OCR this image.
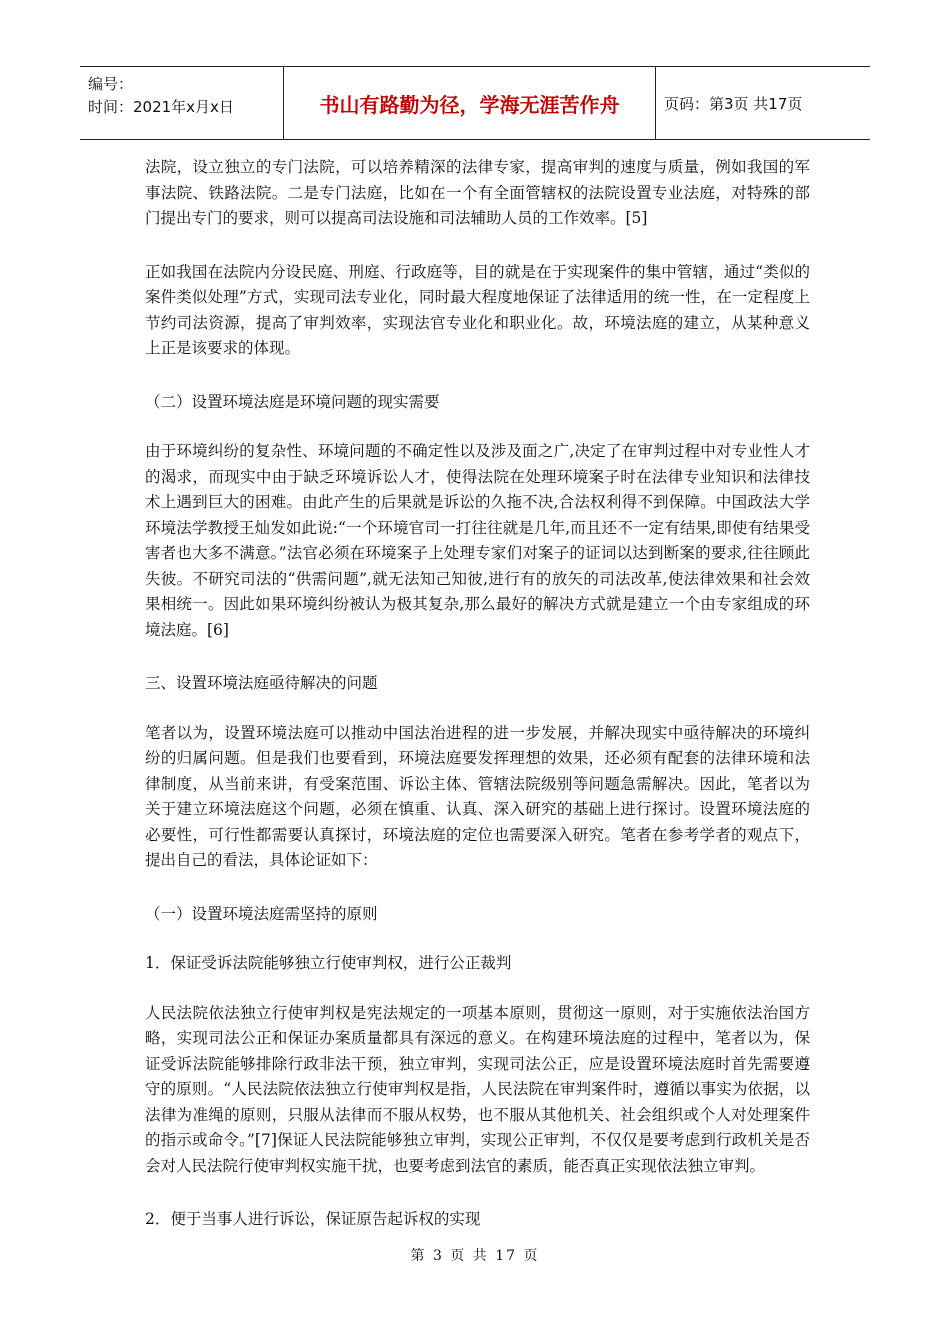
编号：
时间：2021年x月x日	书山有路勤为径，学海无涯苦作舟	页码：第3页 共17页

法院，设立独立的专门法院，可以培养精深的法律专家，提高审判的速度与质量，例如我国的军事法院、铁路法院。二是专门法庭，比如在一个有全面管辖权的法院设置专业法庭，对特殊的部门提出专门的要求，则可以提高司法设施和司法辅助人员的工作效率。[5]

正如我国在法院内分设民庭、刑庭、行政庭等，目的就是在于实现案件的集中管辖，通过“类似的案件类似处理”方式，实现司法专业化，同时最大程度地保证了法律适用的统一性，在一定程度上节约司法资源，提高了审判效率，实现法官专业化和职业化。故，环境法庭的建立，从某种意义上正是该要求的体现。

（二）设置环境法庭是环境问题的现实需要

由于环境纠纷的复杂性、环境问题的不确定性以及涉及面之广,决定了在审判过程中对专业性人才的渴求，而现实中由于缺乏环境诉讼人才，使得法院在处理环境案子时在法律专业知识和法律技术上遇到巨大的困难。由此产生的后果就是诉讼的久拖不决,合法权利得不到保障。中国政法大学环境法学教授王灿发如此说:“一个环境官司一打往往就是几年,而且还不一定有结果,即使有结果受害者也大多不满意。”法官必须在环境案子上处理专家们对案子的证词以达到断案的要求,往往顾此失彼。不研究司法的“供需问题”,就无法知己知彼,进行有的放矢的司法改革,使法律效果和社会效果相统一。因此如果环境纠纷被认为极其复杂,那么最好的解决方式就是建立一个由专家组成的环境法庭。[6]

三、设置环境法庭亟待解决的问题

笔者以为，设置环境法庭可以推动中国法治进程的进一步发展，并解决现实中亟待解决的环境纠纷的归属问题。但是我们也要看到，环境法庭要发挥理想的效果，还必须有配套的法律环境和法律制度，从当前来讲，有受案范围、诉讼主体、管辖法院级别等问题急需解决。因此，笔者以为关于建立环境法庭这个问题，必须在慎重、认真、深入研究的基础上进行探讨。设置环境法庭的必要性，可行性都需要认真探讨，环境法庭的定位也需要深入研究。笔者在参考学者的观点下，提出自己的看法，具体论证如下：

（一）设置环境法庭需坚持的原则

1．保证受诉法院能够独立行使审判权，进行公正裁判

人民法院依法独立行使审判权是宪法规定的一项基本原则，贯彻这一原则，对于实施依法治国方略，实现司法公正和保证办案质量都具有深远的意义。在构建环境法庭的过程中，笔者以为，保证受诉法院能够排除行政非法干预，独立审判，实现司法公正，应是设置环境法庭时首先需要遵守的原则。“人民法院依法独立行使审判权是指，人民法院在审判案件时，遵循以事实为依据，以法律为准绳的原则，只服从法律而不服从权势，也不服从其他机关、社会组织或个人对处理案件的指示或命令。”[7]保证人民法院能够独立审判，实现公正审判，不仅仅是要考虑到行政机关是否会对人民法院行使审判权实施干扰，也要考虑到法官的素质，能否真正实现依法独立审判。

2．便于当事人进行诉讼，保证原告起诉权的实现

第 3 页 共 17 页
